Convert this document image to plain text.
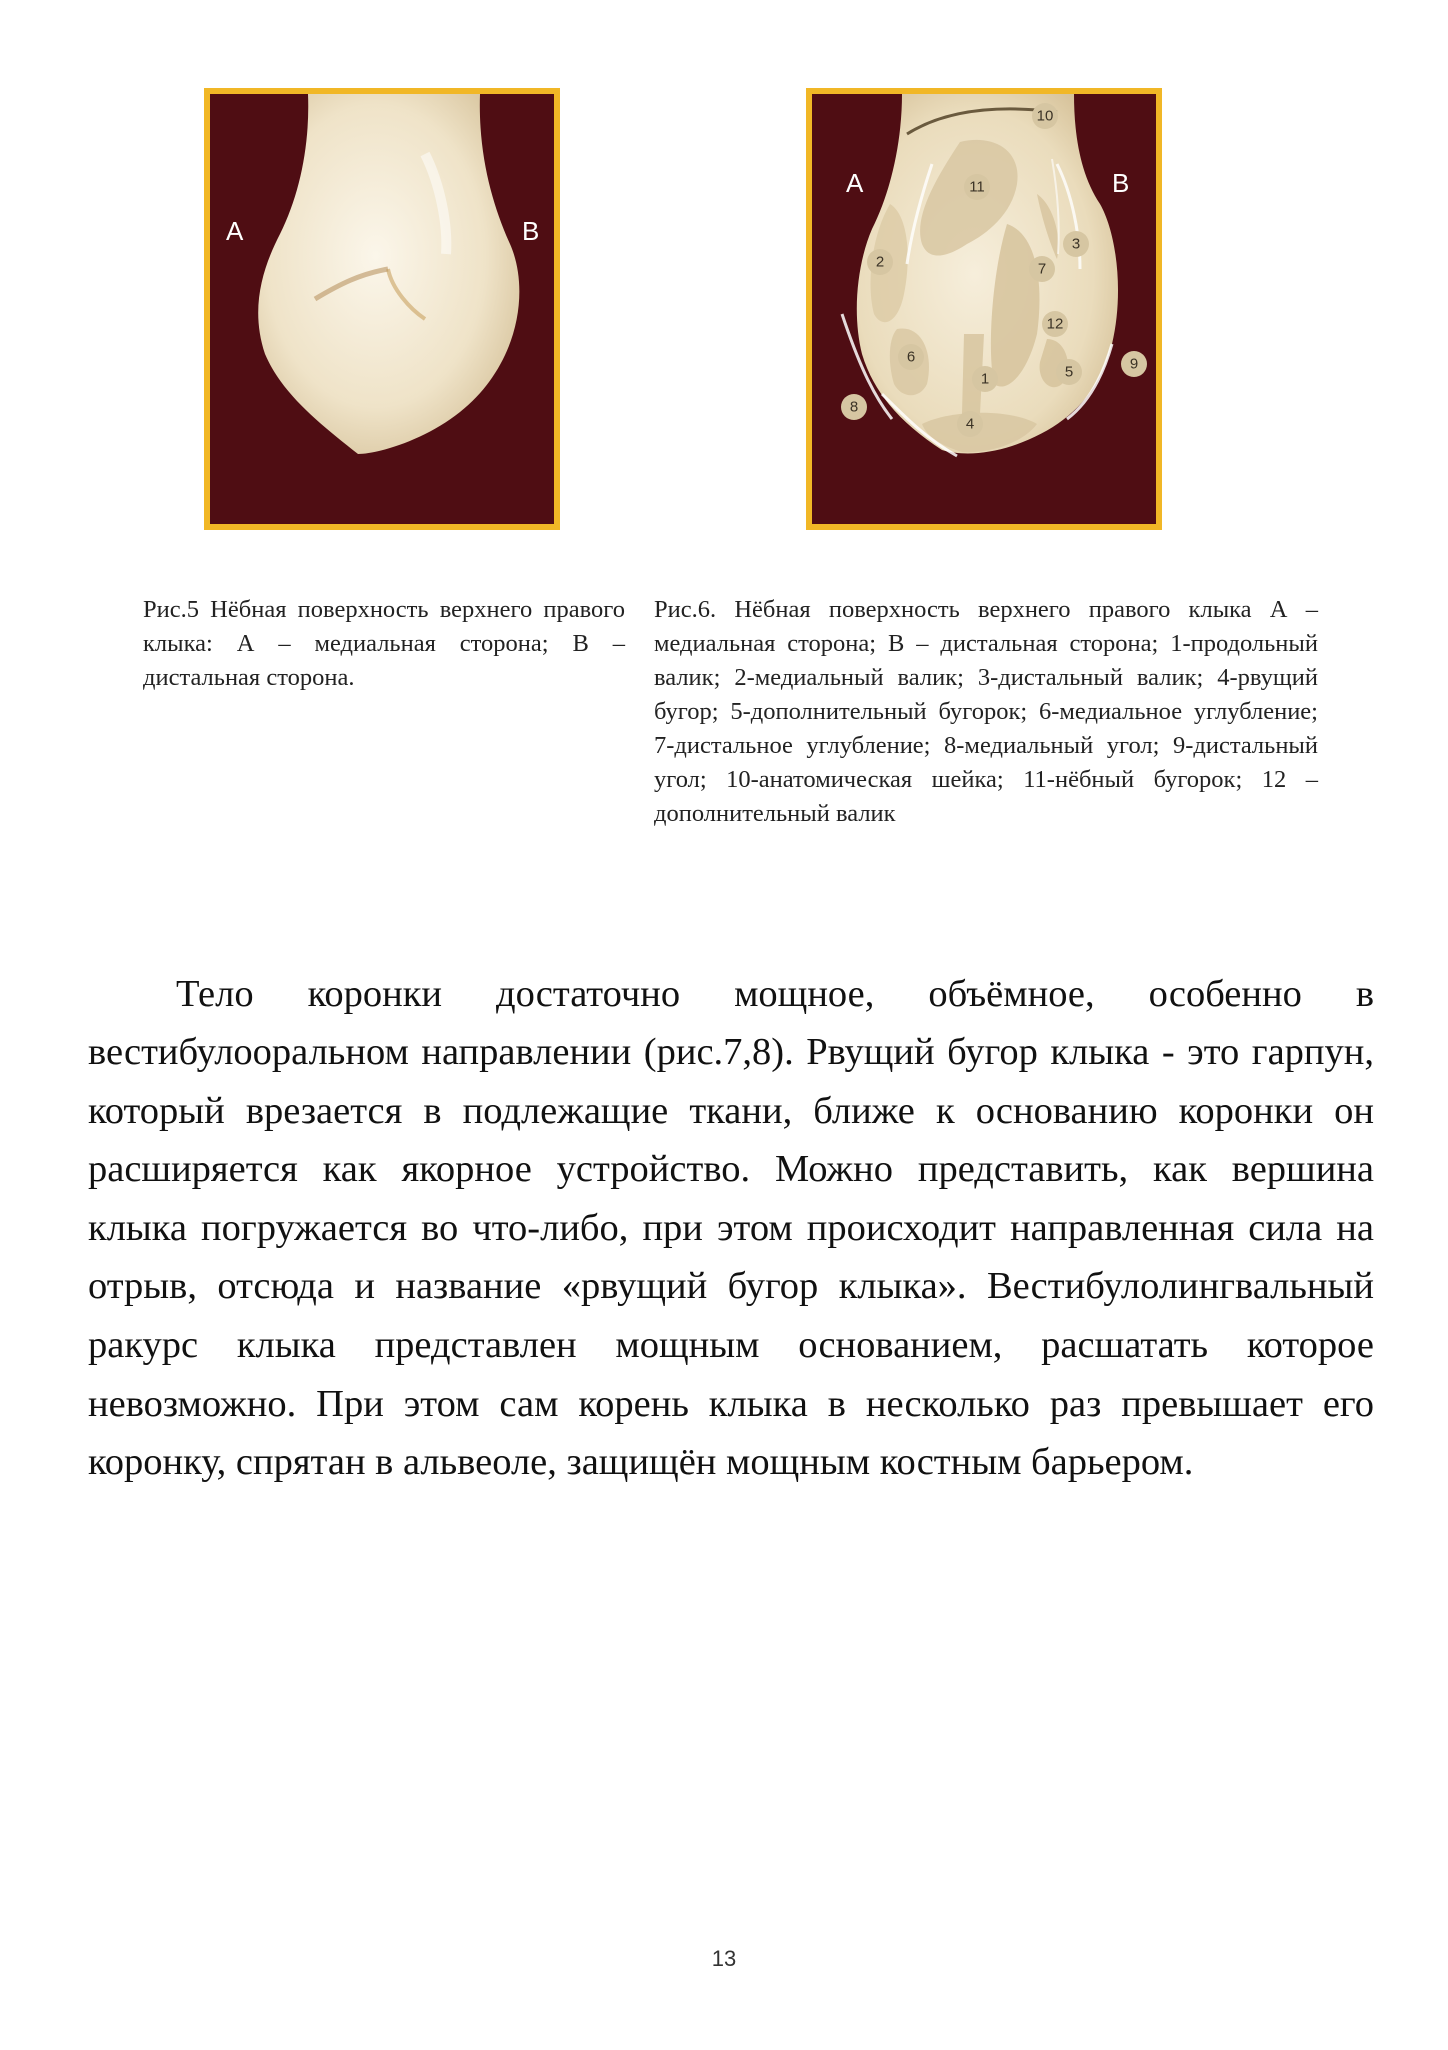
A	B
A	B
10
11
2
3
7
12
6
1	5	9
8
4

Рис.5 Нёбная поверхность верхнего правого клыка: А – медиальная сторона; В – дистальная сторона.

Рис.6. Нёбная поверхность верхнего правого клыка А – медиальная сторона; В – дистальная сторона; 1-продольный валик; 2-медиальный валик; 3-дистальный валик; 4-рвущий бугор; 5-дополнительный бугорок; 6-медиальное углубление; 7-дистальное углубление; 8-медиальный угол; 9-дистальный угол; 10-анатомическая шейка; 11-нёбный бугорок; 12 – дополнительный валик

Тело коронки достаточно мощное, объёмное, особенно в вестибулооральном направлении (рис.7,8). Рвущий бугор клыка - это гарпун, который врезается в подлежащие ткани, ближе к основанию коронки он расширяется как якорное устройство. Можно представить, как вершина клыка погружается во что-либо, при этом происходит направленная сила на отрыв, отсюда и название «рвущий бугор клыка». Вестибулолингвальный ракурс клыка представлен мощным основанием, расшатать которое невозможно. При этом сам корень клыка в несколько раз превышает его коронку, спрятан в альвеоле, защищён мощным костным барьером.

13
